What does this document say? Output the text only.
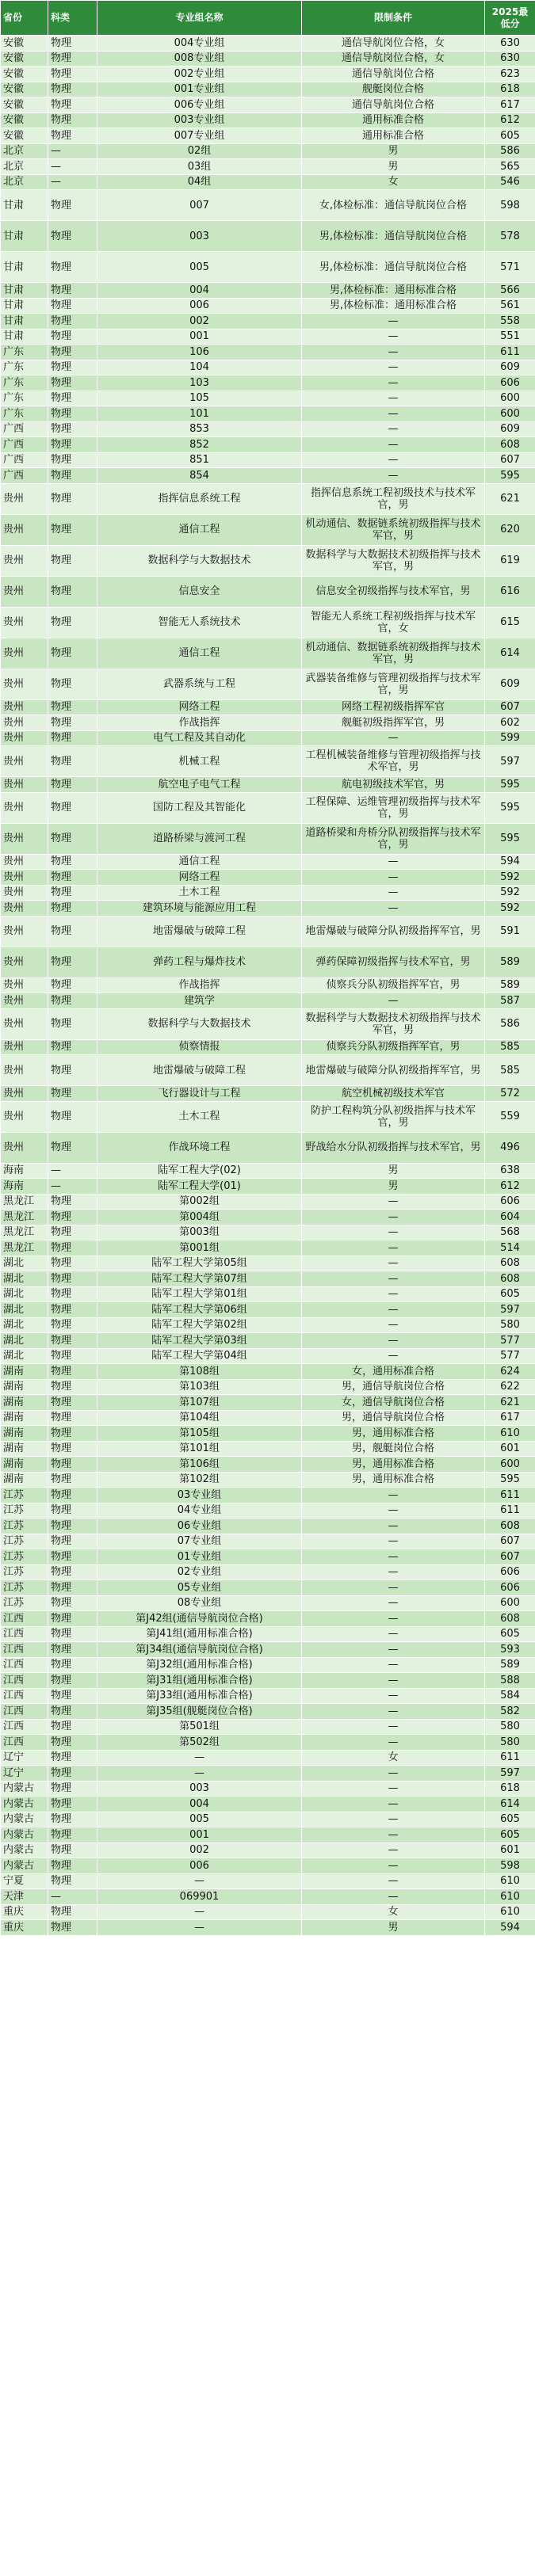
省份	科类	专业组名称	限制条件	2025最低分
安徽	物理	004专业组	通信导航岗位合格，女	630
安徽	物理	008专业组	通信导航岗位合格，女	630
安徽	物理	002专业组	通信导航岗位合格	623
安徽	物理	001专业组	舰艇岗位合格	618
安徽	物理	006专业组	通信导航岗位合格	617
安徽	物理	003专业组	通用标准合格	612
安徽	物理	007专业组	通用标准合格	605
北京	—	02组	男	586
北京	—	03组	男	565
北京	—	04组	女	546
甘肃	物理	007	女,体检标准：通信导航岗位合格	598
甘肃	物理	003	男,体检标准：通信导航岗位合格	578
甘肃	物理	005	男,体检标准：通信导航岗位合格	571
甘肃	物理	004	男,体检标准：通用标准合格	566
甘肃	物理	006	男,体检标准：通用标准合格	561
甘肃	物理	002	—	558
甘肃	物理	001	—	551
广东	物理	106	—	611
广东	物理	104	—	609
广东	物理	103	—	606
广东	物理	105	—	600
广东	物理	101	—	600
广西	物理	853	—	609
广西	物理	852	—	608
广西	物理	851	—	607
广西	物理	854	—	595
贵州	物理	指挥信息系统工程	指挥信息系统工程初级技术与技术军官，男	621
贵州	物理	通信工程	机动通信、数据链系统初级指挥与技术军官，男	620
贵州	物理	数据科学与大数据技术	数据科学与大数据技术初级指挥与技术军官，男	619
贵州	物理	信息安全	信息安全初级指挥与技术军官，男	616
贵州	物理	智能无人系统技术	智能无人系统工程初级指挥与技术军官，女	615
贵州	物理	通信工程	机动通信、数据链系统初级指挥与技术军官，男	614
贵州	物理	武器系统与工程	武器装备维修与管理初级指挥与技术军官，男	609
贵州	物理	网络工程	网络工程初级指挥军官	607
贵州	物理	作战指挥	舰艇初级指挥军官，男	602
贵州	物理	电气工程及其自动化	—	599
贵州	物理	机械工程	工程机械装备维修与管理初级指挥与技术军官，男	597
贵州	物理	航空电子电气工程	航电初级技术军官，男	595
贵州	物理	国防工程及其智能化	工程保障、运维管理初级指挥与技术军官，男	595
贵州	物理	道路桥梁与渡河工程	道路桥梁和舟桥分队初级指挥与技术军官，男	595
贵州	物理	通信工程	—	594
贵州	物理	网络工程	—	592
贵州	物理	土木工程	—	592
贵州	物理	建筑环境与能源应用工程	—	592
贵州	物理	地雷爆破与破障工程	地雷爆破与破障分队初级指挥军官，男	591
贵州	物理	弹药工程与爆炸技术	弹药保障初级指挥与技术军官，男	589
贵州	物理	作战指挥	侦察兵分队初级指挥军官，男	589
贵州	物理	建筑学	—	587
贵州	物理	数据科学与大数据技术	数据科学与大数据技术初级指挥与技术军官，男	586
贵州	物理	侦察情报	侦察兵分队初级指挥军官，男	585
贵州	物理	地雷爆破与破障工程	地雷爆破与破障分队初级指挥军官，男	585
贵州	物理	飞行器设计与工程	航空机械初级技术军官	572
贵州	物理	土木工程	防护工程构筑分队初级指挥与技术军官，男	559
贵州	物理	作战环境工程	野战给水分队初级指挥与技术军官，男	496
海南	—	陆军工程大学(02)	男	638
海南	—	陆军工程大学(01)	男	612
黑龙江	物理	第002组	—	606
黑龙江	物理	第004组	—	604
黑龙江	物理	第003组	—	568
黑龙江	物理	第001组	—	514
湖北	物理	陆军工程大学第05组	—	608
湖北	物理	陆军工程大学第07组	—	608
湖北	物理	陆军工程大学第01组	—	605
湖北	物理	陆军工程大学第06组	—	597
湖北	物理	陆军工程大学第02组	—	580
湖北	物理	陆军工程大学第03组	—	577
湖北	物理	陆军工程大学第04组	—	577
湖南	物理	第108组	女，通用标准合格	624
湖南	物理	第103组	男，通信导航岗位合格	622
湖南	物理	第107组	女，通信导航岗位合格	621
湖南	物理	第104组	男，通信导航岗位合格	617
湖南	物理	第105组	男，通用标准合格	610
湖南	物理	第101组	男，舰艇岗位合格	601
湖南	物理	第106组	男，通用标准合格	600
湖南	物理	第102组	男，通用标准合格	595
江苏	物理	03专业组	—	611
江苏	物理	04专业组	—	611
江苏	物理	06专业组	—	608
江苏	物理	07专业组	—	607
江苏	物理	01专业组	—	607
江苏	物理	02专业组	—	606
江苏	物理	05专业组	—	606
江苏	物理	08专业组	—	600
江西	物理	第J42组(通信导航岗位合格)	—	608
江西	物理	第J41组(通用标准合格)	—	605
江西	物理	第J34组(通信导航岗位合格)	—	593
江西	物理	第J32组(通用标准合格)	—	589
江西	物理	第J31组(通用标准合格)	—	588
江西	物理	第J33组(通用标准合格)	—	584
江西	物理	第J35组(舰艇岗位合格)	—	582
江西	物理	第501组	—	580
江西	物理	第502组	—	580
辽宁	物理	—	女	611
辽宁	物理	—	—	597
内蒙古	物理	003	—	618
内蒙古	物理	004	—	614
内蒙古	物理	005	—	605
内蒙古	物理	001	—	605
内蒙古	物理	002	—	601
内蒙古	物理	006	—	598
宁夏	物理	—	—	610
天津	—	069901	—	610
重庆	物理	—	女	610
重庆	物理	—	男	594
